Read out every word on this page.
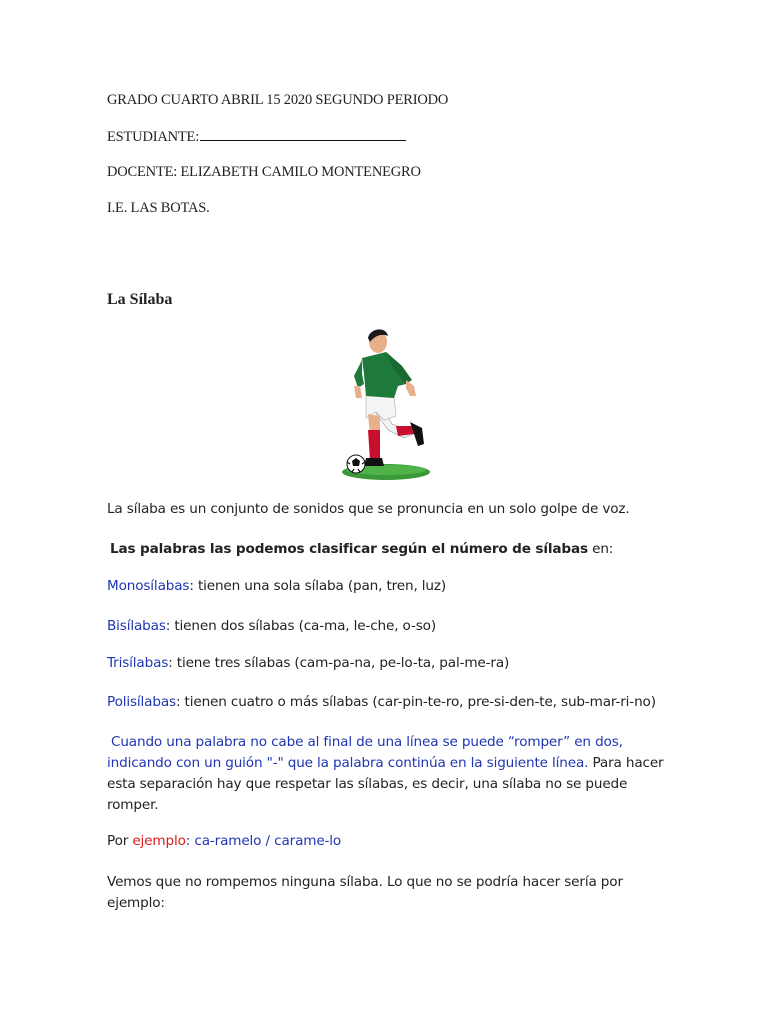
GRADO CUARTO ABRIL 15 2020 SEGUNDO PERIODO

ESTUDIANTE:

DOCENTE: ELIZABETH CAMILO MONTENEGRO

I.E. LAS BOTAS.

La Sílaba

La sílaba es un conjunto de sonidos que se pronuncia en un solo golpe de voz.

Las palabras las podemos clasificar según el número de sílabas en:

Monosílabas: tienen una sola sílaba (pan, tren, luz)

Bisílabas: tienen dos sílabas (ca-ma, le-che, o-so)

Trisílabas: tiene tres sílabas (cam-pa-na, pe-lo-ta, pal-me-ra)

Polisílabas: tienen cuatro o más sílabas (car-pin-te-ro, pre-si-den-te, sub-mar-ri-no)

Cuando una palabra no cabe al final de una línea se puede “romper” en dos, indicando con un guión "-" que la palabra continúa en la siguiente línea. Para hacer esta separación hay que respetar las sílabas, es decir, una sílaba no se puede romper.

Por ejemplo: ca-ramelo / carame-lo

Vemos que no rompemos ninguna sílaba. Lo que no se podría hacer sería por ejemplo:
